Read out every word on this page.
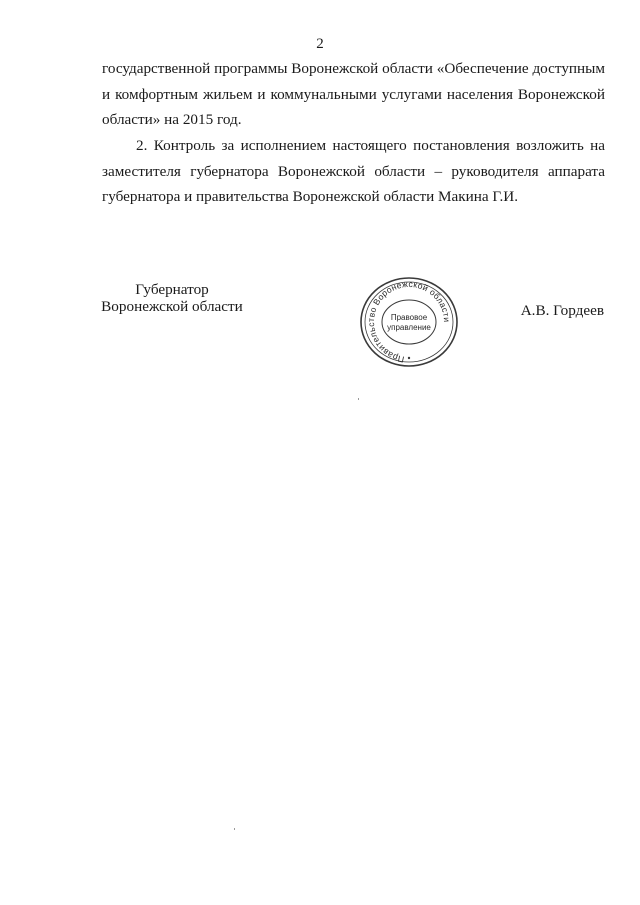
2

государственной программы Воронежской области «Обеспечение доступным и комфортным жильем и коммунальными услугами населения Воронежской области» на 2015 год.

2. Контроль за исполнением настоящего постановления возложить на заместителя губернатора Воронежской области – руководителя аппарата губернатора и правительства Воронежской области Макина Г.И.

Губернатор
Воронежской области
Правительство Воронежской области
Правовое
управление
А.В. Гордеев
